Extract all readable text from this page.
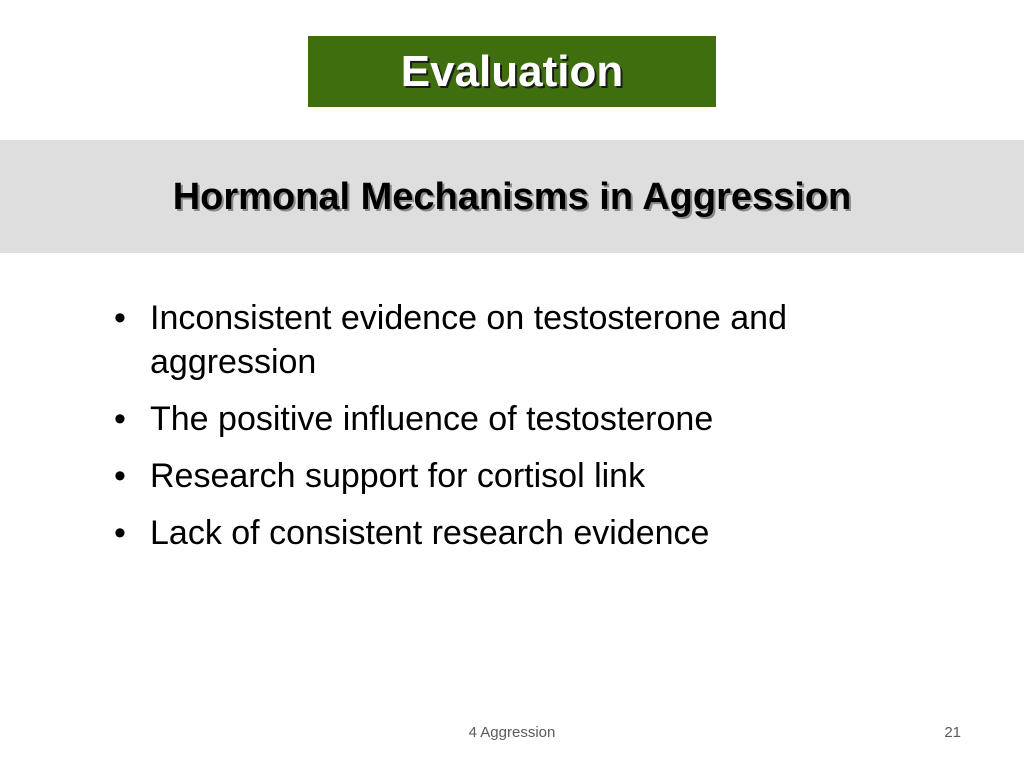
Evaluation
Hormonal Mechanisms in Aggression
• Inconsistent evidence on testosterone and aggression
• The positive influence of testosterone
• Research support for cortisol link
• Lack of consistent research evidence
4 Aggression	21
